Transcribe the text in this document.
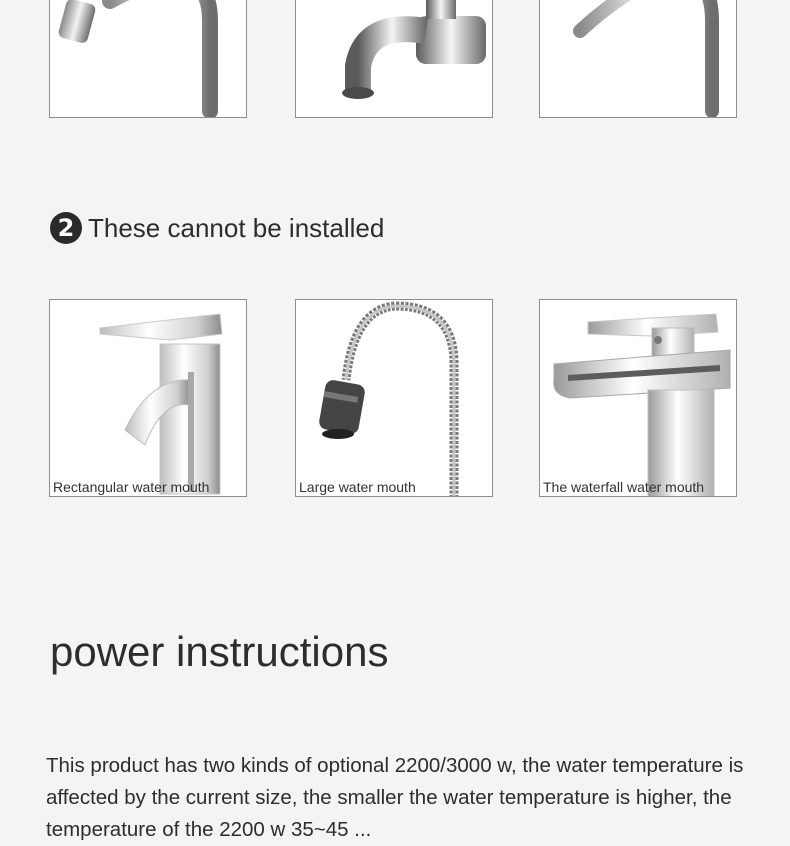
2 These cannot be installed
Rectangular water mouth	Large water mouth	The waterfall water mouth
power instructions
This product has two kinds of optional 2200/3000 w, the water temperature is affected by the current size, the smaller the water temperature is higher, the temperature of the 2200 w 35~45 ...
